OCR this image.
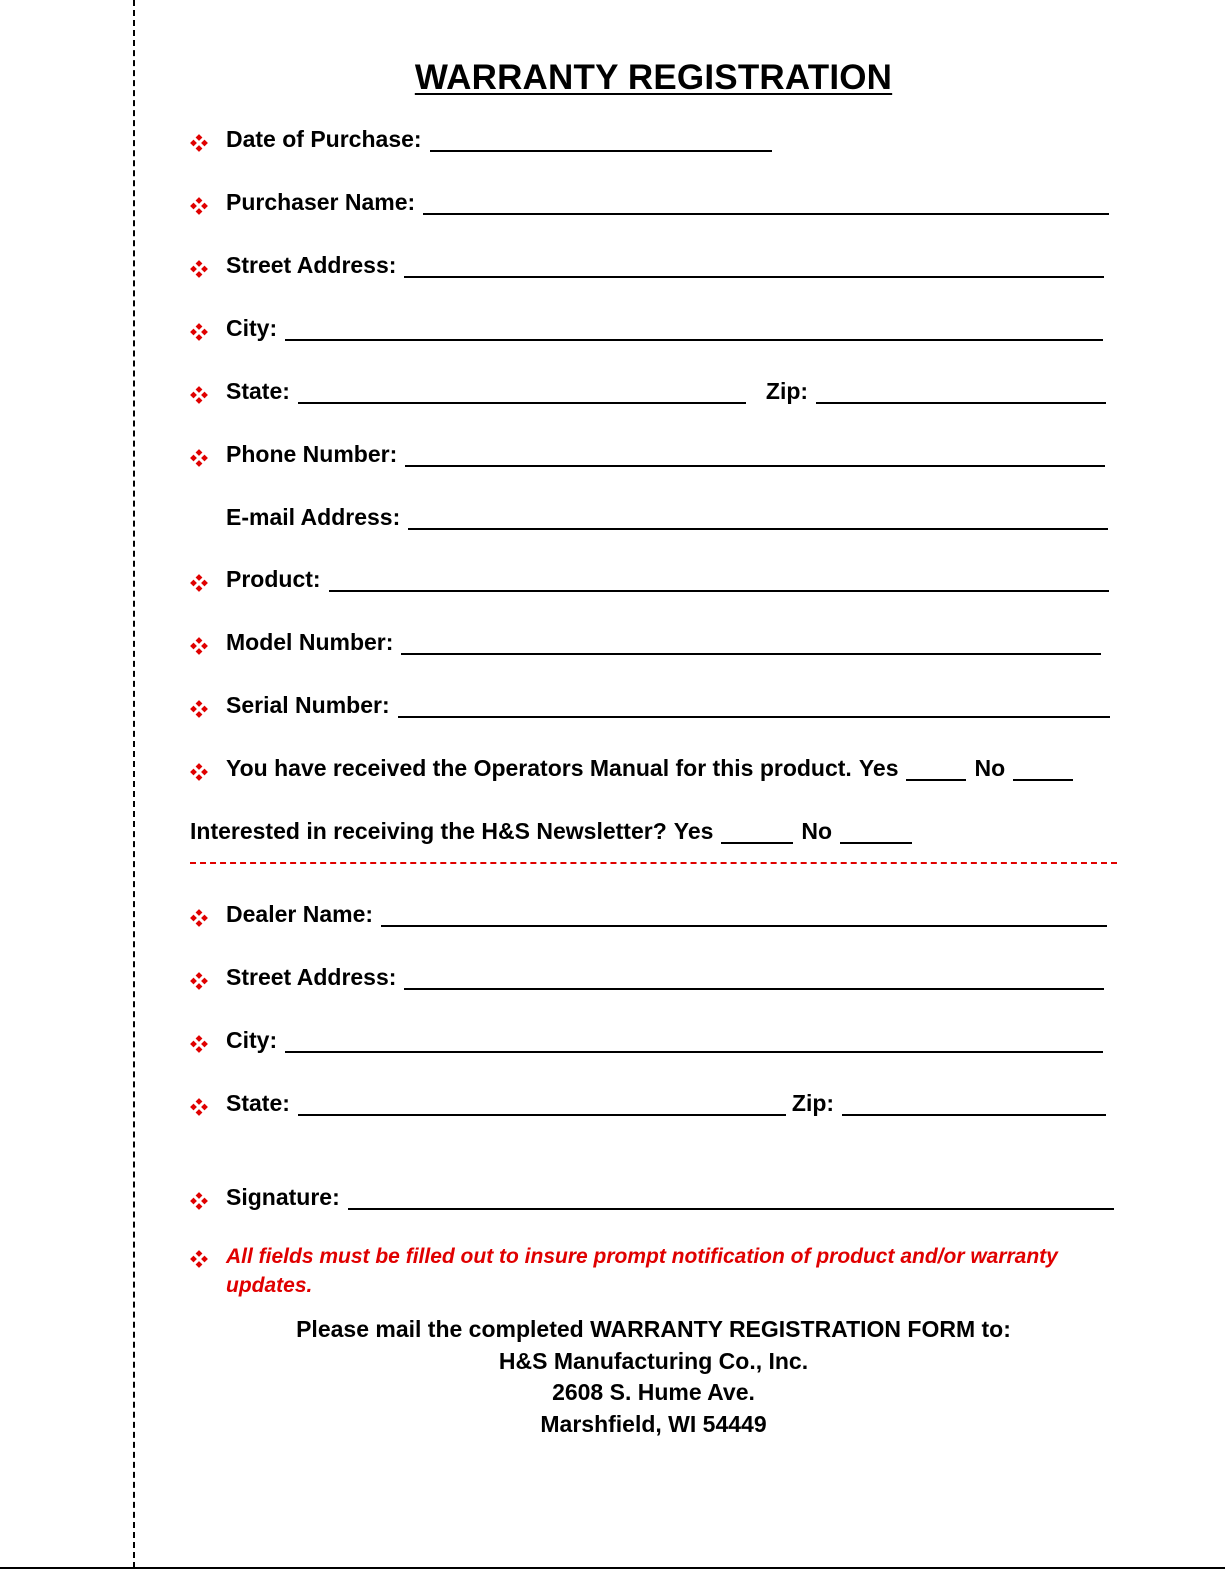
WARRANTY REGISTRATION
Date of Purchase:
Purchaser Name:
Street Address:
City:
State:	Zip:
Phone Number:
E-mail Address:
Product:
Model Number:
Serial Number:
You have received the Operators Manual for this product. Yes	No
Interested in receiving the H&S Newsletter? Yes	No
Dealer Name:
Street Address:
City:
State:	Zip:
Signature:
All fields must be filled out to insure prompt notification of product and/or warranty updates.
Please mail the completed WARRANTY REGISTRATION FORM to:
H&S Manufacturing Co., Inc.
2608 S. Hume Ave.
Marshfield, WI 54449
